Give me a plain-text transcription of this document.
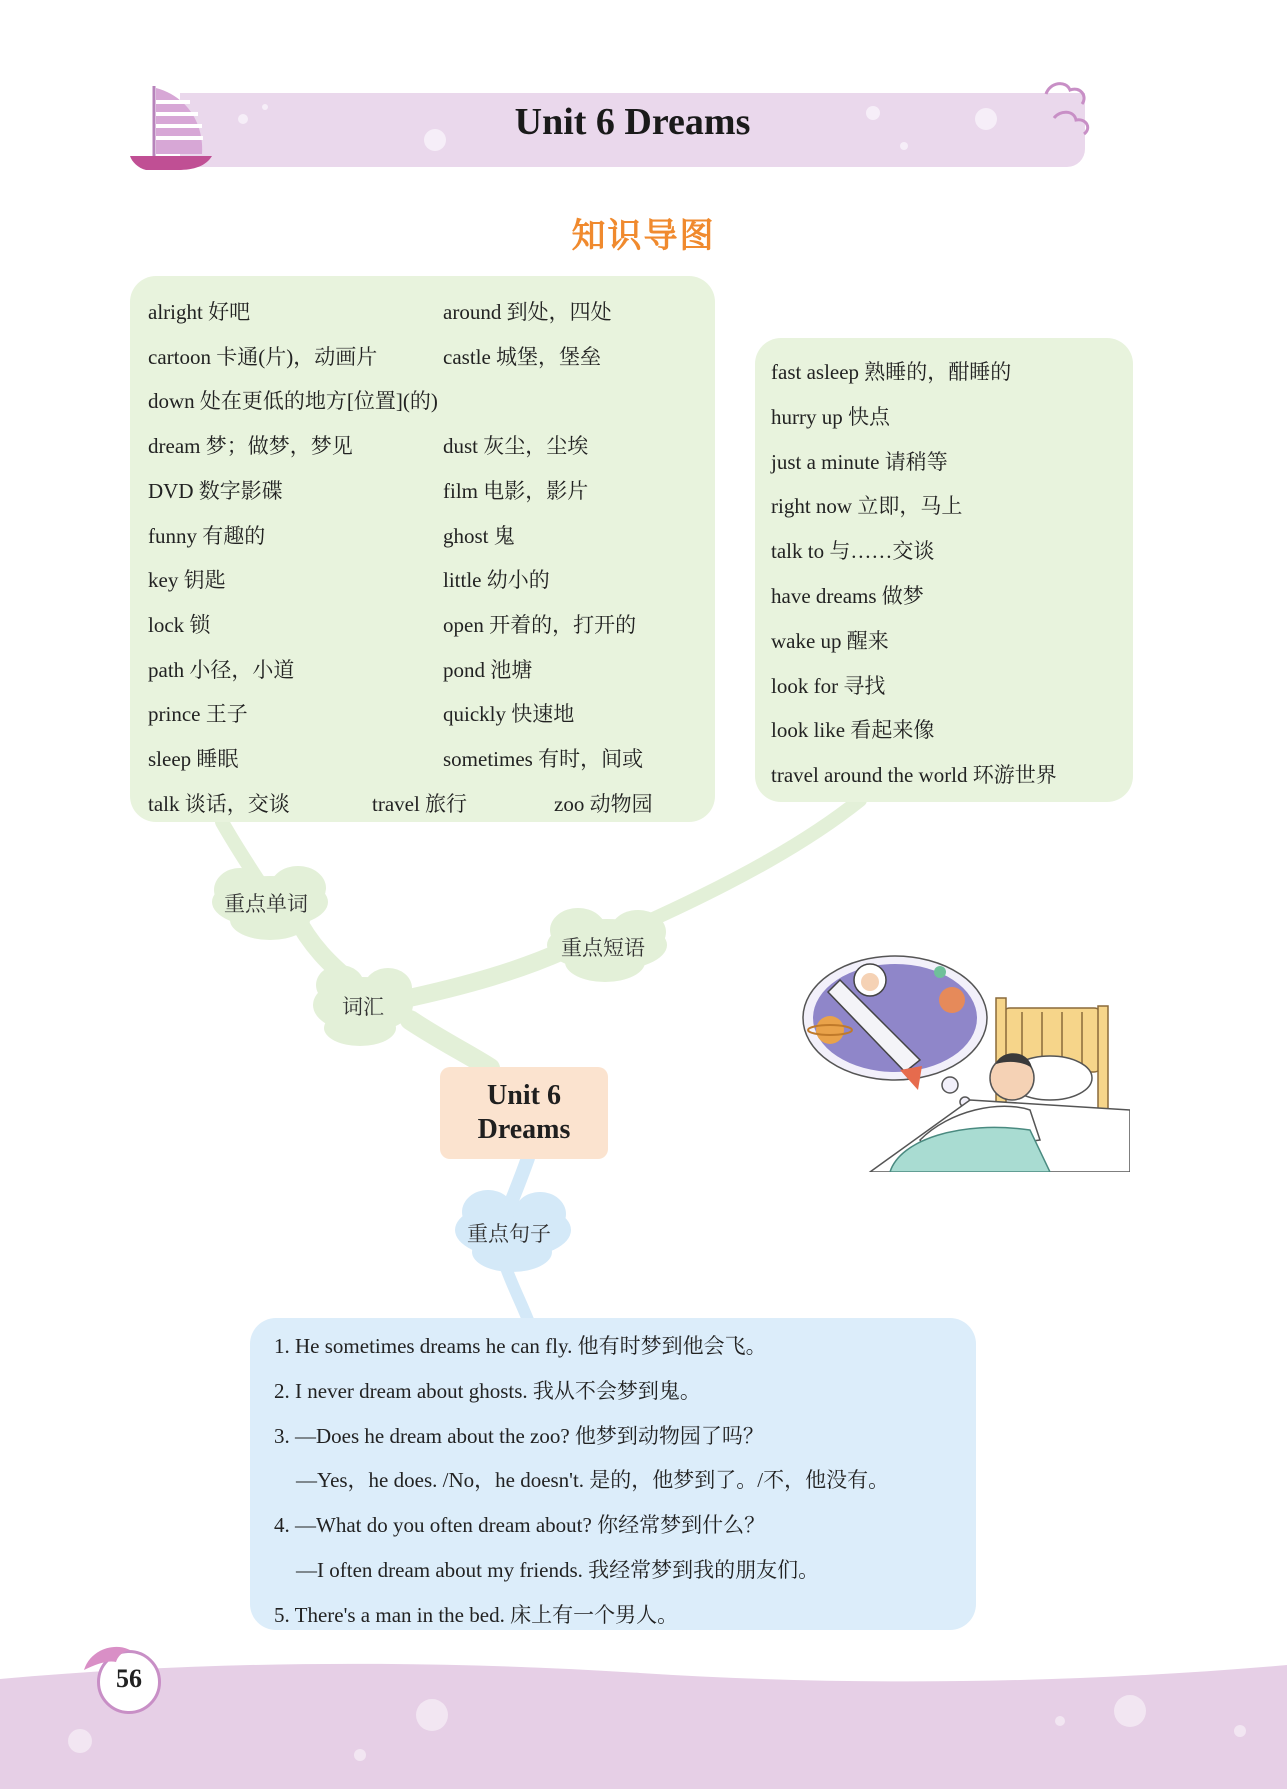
Unit 6 Dreams
知识导图
alright 好吧	around 到处，四处
cartoon 卡通(片)，动画片	castle 城堡，堡垒
down 处在更低的地方[位置](的)
dream 梦；做梦，梦见	dust 灰尘，尘埃
DVD 数字影碟	film 电影，影片
funny 有趣的	ghost 鬼
key 钥匙	little 幼小的
lock 锁	open 开着的，打开的
path 小径，小道	pond 池塘
prince 王子	quickly 快速地
sleep 睡眠	sometimes 有时，间或
talk 谈话，交谈	travel 旅行	zoo 动物园
fast asleep 熟睡的，酣睡的
hurry up 快点
just a minute 请稍等
right now 立即，马上
talk to 与……交谈
have dreams 做梦
wake up 醒来
look for 寻找
look like 看起来像
travel around the world 环游世界
重点单词
重点短语
词汇
重点句子
Unit 6
Dreams
1. He sometimes dreams he can fly. 他有时梦到他会飞。
2. I never dream about ghosts. 我从不会梦到鬼。
3. —Does he dream about the zoo? 他梦到动物园了吗？
—Yes，he does. /No，he doesn't. 是的，他梦到了。/不，他没有。
4. —What do you often dream about? 你经常梦到什么？
—I often dream about my friends. 我经常梦到我的朋友们。
5. There's a man in the bed. 床上有一个男人。
56
